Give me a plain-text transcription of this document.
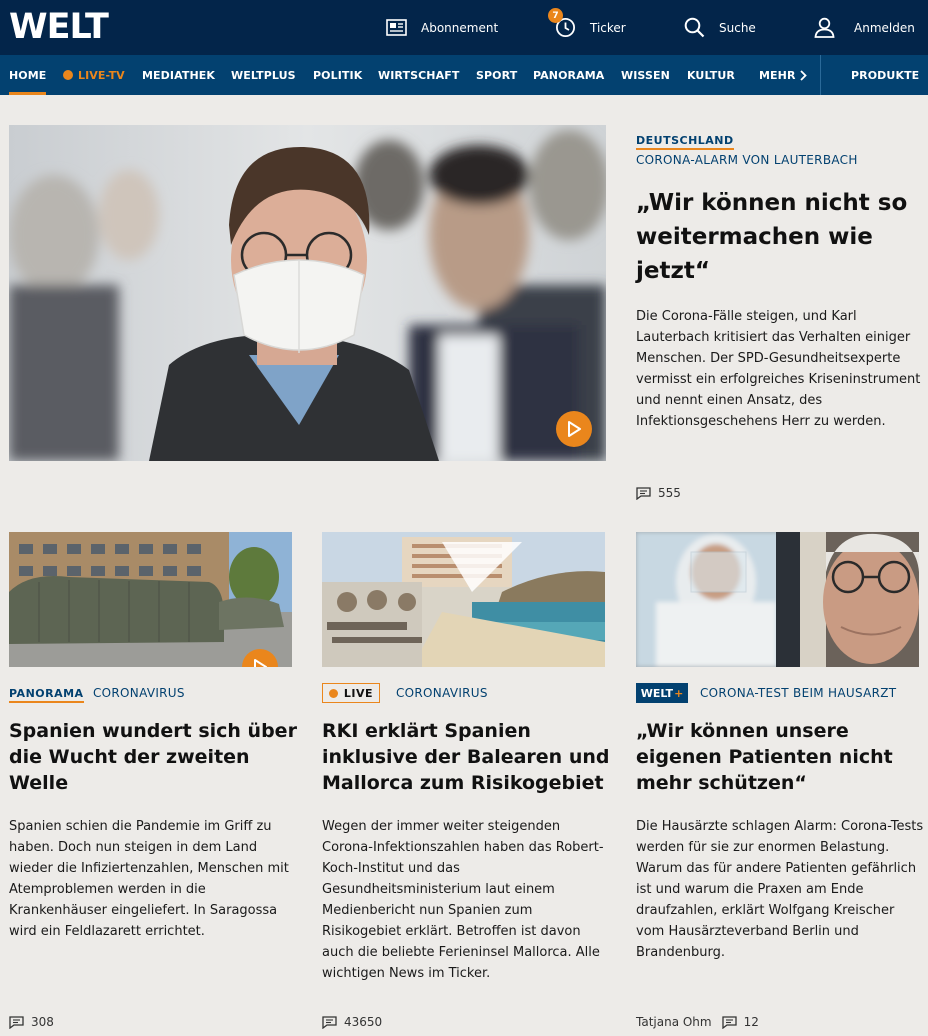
WELT	Abonnement
7
Ticker	Suche	Anmelden
HOME	LIVE-TV MEDIATHEK WELTPLUS POLITIK WIRTSCHAFT SPORT PANORAMA WISSEN KULTUR MEHR	PRODUKTE
DEUTSCHLAND
CORONA-ALARM VON LAUTERBACH
„Wir können nicht so weitermachen wie jetzt“
Die Corona-Fälle steigen, und Karl Lauterbach kritisiert das Verhalten einiger Menschen. Der SPD-Gesundheitsexperte vermisst ein erfolgreiches Kriseninstrument und nennt einen Ansatz, des Infektionsgeschehens Herr zu werden.
555
PANORAMA CORONAVIRUS
Spanien wundert sich über die Wucht der zweiten Welle
Spanien schien die Pandemie im Griff zu haben. Doch nun steigen in dem Land wieder die Infiziertenzahlen, Menschen mit Atemproblemen werden in die Krankenhäuser eingeliefert. In Saragossa wird ein Feldlazarett errichtet.
308
LIVE CORONAVIRUS
RKI erklärt Spanien inklusive der Balearen und Mallorca zum Risikogebiet
Wegen der immer weiter steigenden Corona-Infektionszahlen haben das Robert-Koch-Institut und das Gesundheitsministerium laut einem Medienbericht nun Spanien zum Risikogebiet erklärt. Betroffen ist davon auch die beliebte Ferieninsel Mallorca. Alle wichtigen News im Ticker.
43650
WELT + CORONA-TEST BEIM HAUSARZT
„Wir können unsere eigenen Patienten nicht mehr schützen“
Die Hausärzte schlagen Alarm: Corona-Tests werden für sie zur enormen Belastung. Warum das für andere Patienten gefährlich ist und warum die Praxen am Ende draufzahlen, erklärt Wolfgang Kreischer vom Hausärzteverband Berlin und Brandenburg.
Tatjana Ohm	12
